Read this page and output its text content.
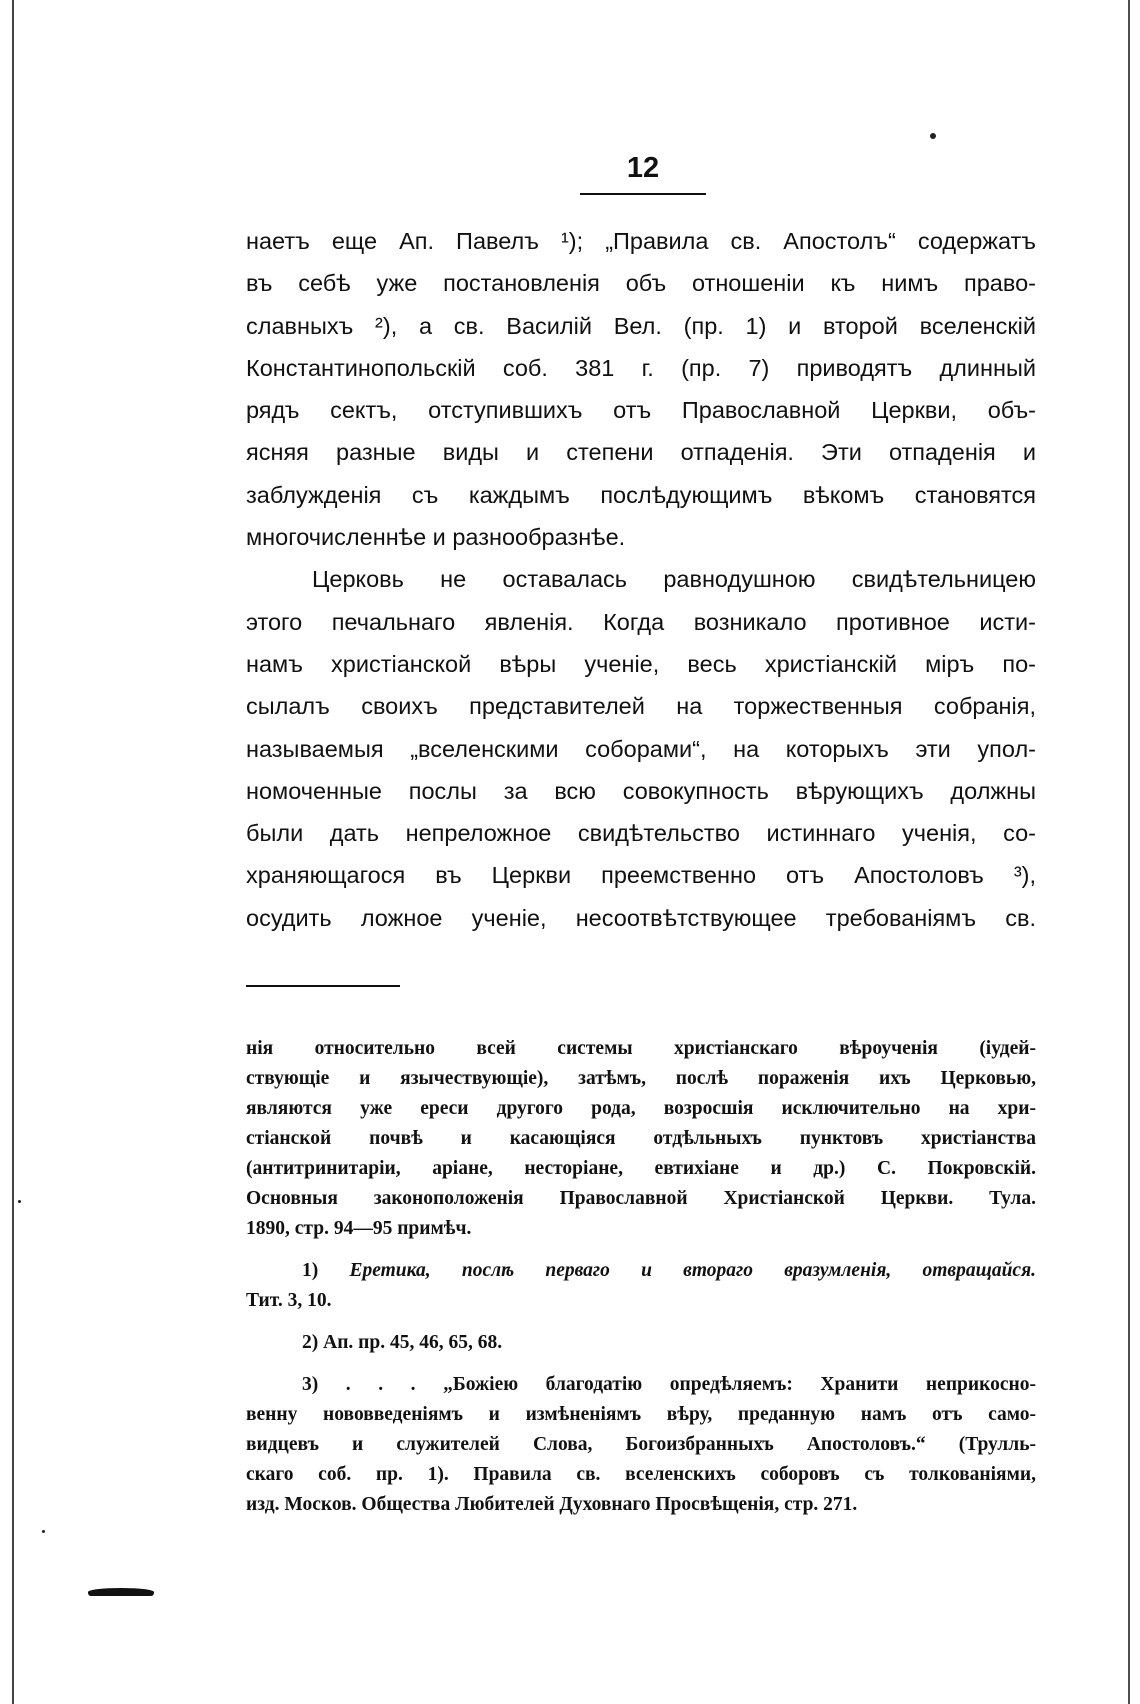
12
наетъ еще Ап. Павелъ ¹); „Правила св. Апостолъ“ содержатъ
въ себѣ уже постановленія объ отношеніи къ нимъ право-
славныхъ ²), а св. Василій Вел. (пр. 1) и второй вселенскій
Константинопольскій соб. 381 г. (пр. 7) приводятъ длинный
рядъ сектъ, отступившихъ отъ Православной Церкви, объ-
ясняя разные виды и степени отпаденія. Эти отпаденія и
заблужденія съ каждымъ послѣдующимъ вѣкомъ становятся
многочисленнѣе и разнообразнѣе.
Церковь не оставалась равнодушною свидѣтельницею
этого печальнаго явленія. Когда возникало противное исти-
намъ христіанской вѣры ученіе, весь христіанскій міръ по-
сылалъ своихъ представителей на торжественныя собранія,
называемыя „вселенскими соборами“, на которыхъ эти упол-
номоченные послы за всю совокупность вѣрующихъ должны
были дать непреложное свидѣтельство истиннаго ученія, со-
храняющагося въ Церкви преемственно отъ Апостоловъ ³),
осудить ложное ученіе, несоотвѣтствующее требованіямъ св.
нія относительно всей системы христіанскаго вѣроученія (іудей-
ствующіе и язычествующіе), затѣмъ, послѣ пораженія ихъ Церковью,
являются уже ереси другого рода, возросшія исключительно на хри-
стіанской почвѣ и касающіяся отдѣльныхъ пунктовъ христіанства
(антитринитаріи, аріане, несторіане, евтихіане и др.) С. Покровскій.
Основныя законоположенія Православной Христіанской Церкви. Тула.
1890, стр. 94—95 примѣч.
1) Еретика, послѣ перваго и втораго вразумленія, отвращайся.
Тит. 3, 10.
2) Ап. пр. 45, 46, 65, 68.
3) . . . „Божіею благодатію опредѣляемъ: Хранити неприкосно-
венну нововведеніямъ и измѣненіямъ вѣру, преданную намъ отъ само-
видцевъ и служителей Слова, Богоизбранныхъ Апостоловъ.“ (Трулль-
скаго соб. пр. 1). Правила св. вселенскихъ соборовъ съ толкованіями,
изд. Москов. Общества Любителей Духовнаго Просвѣщенія, стр. 271.
